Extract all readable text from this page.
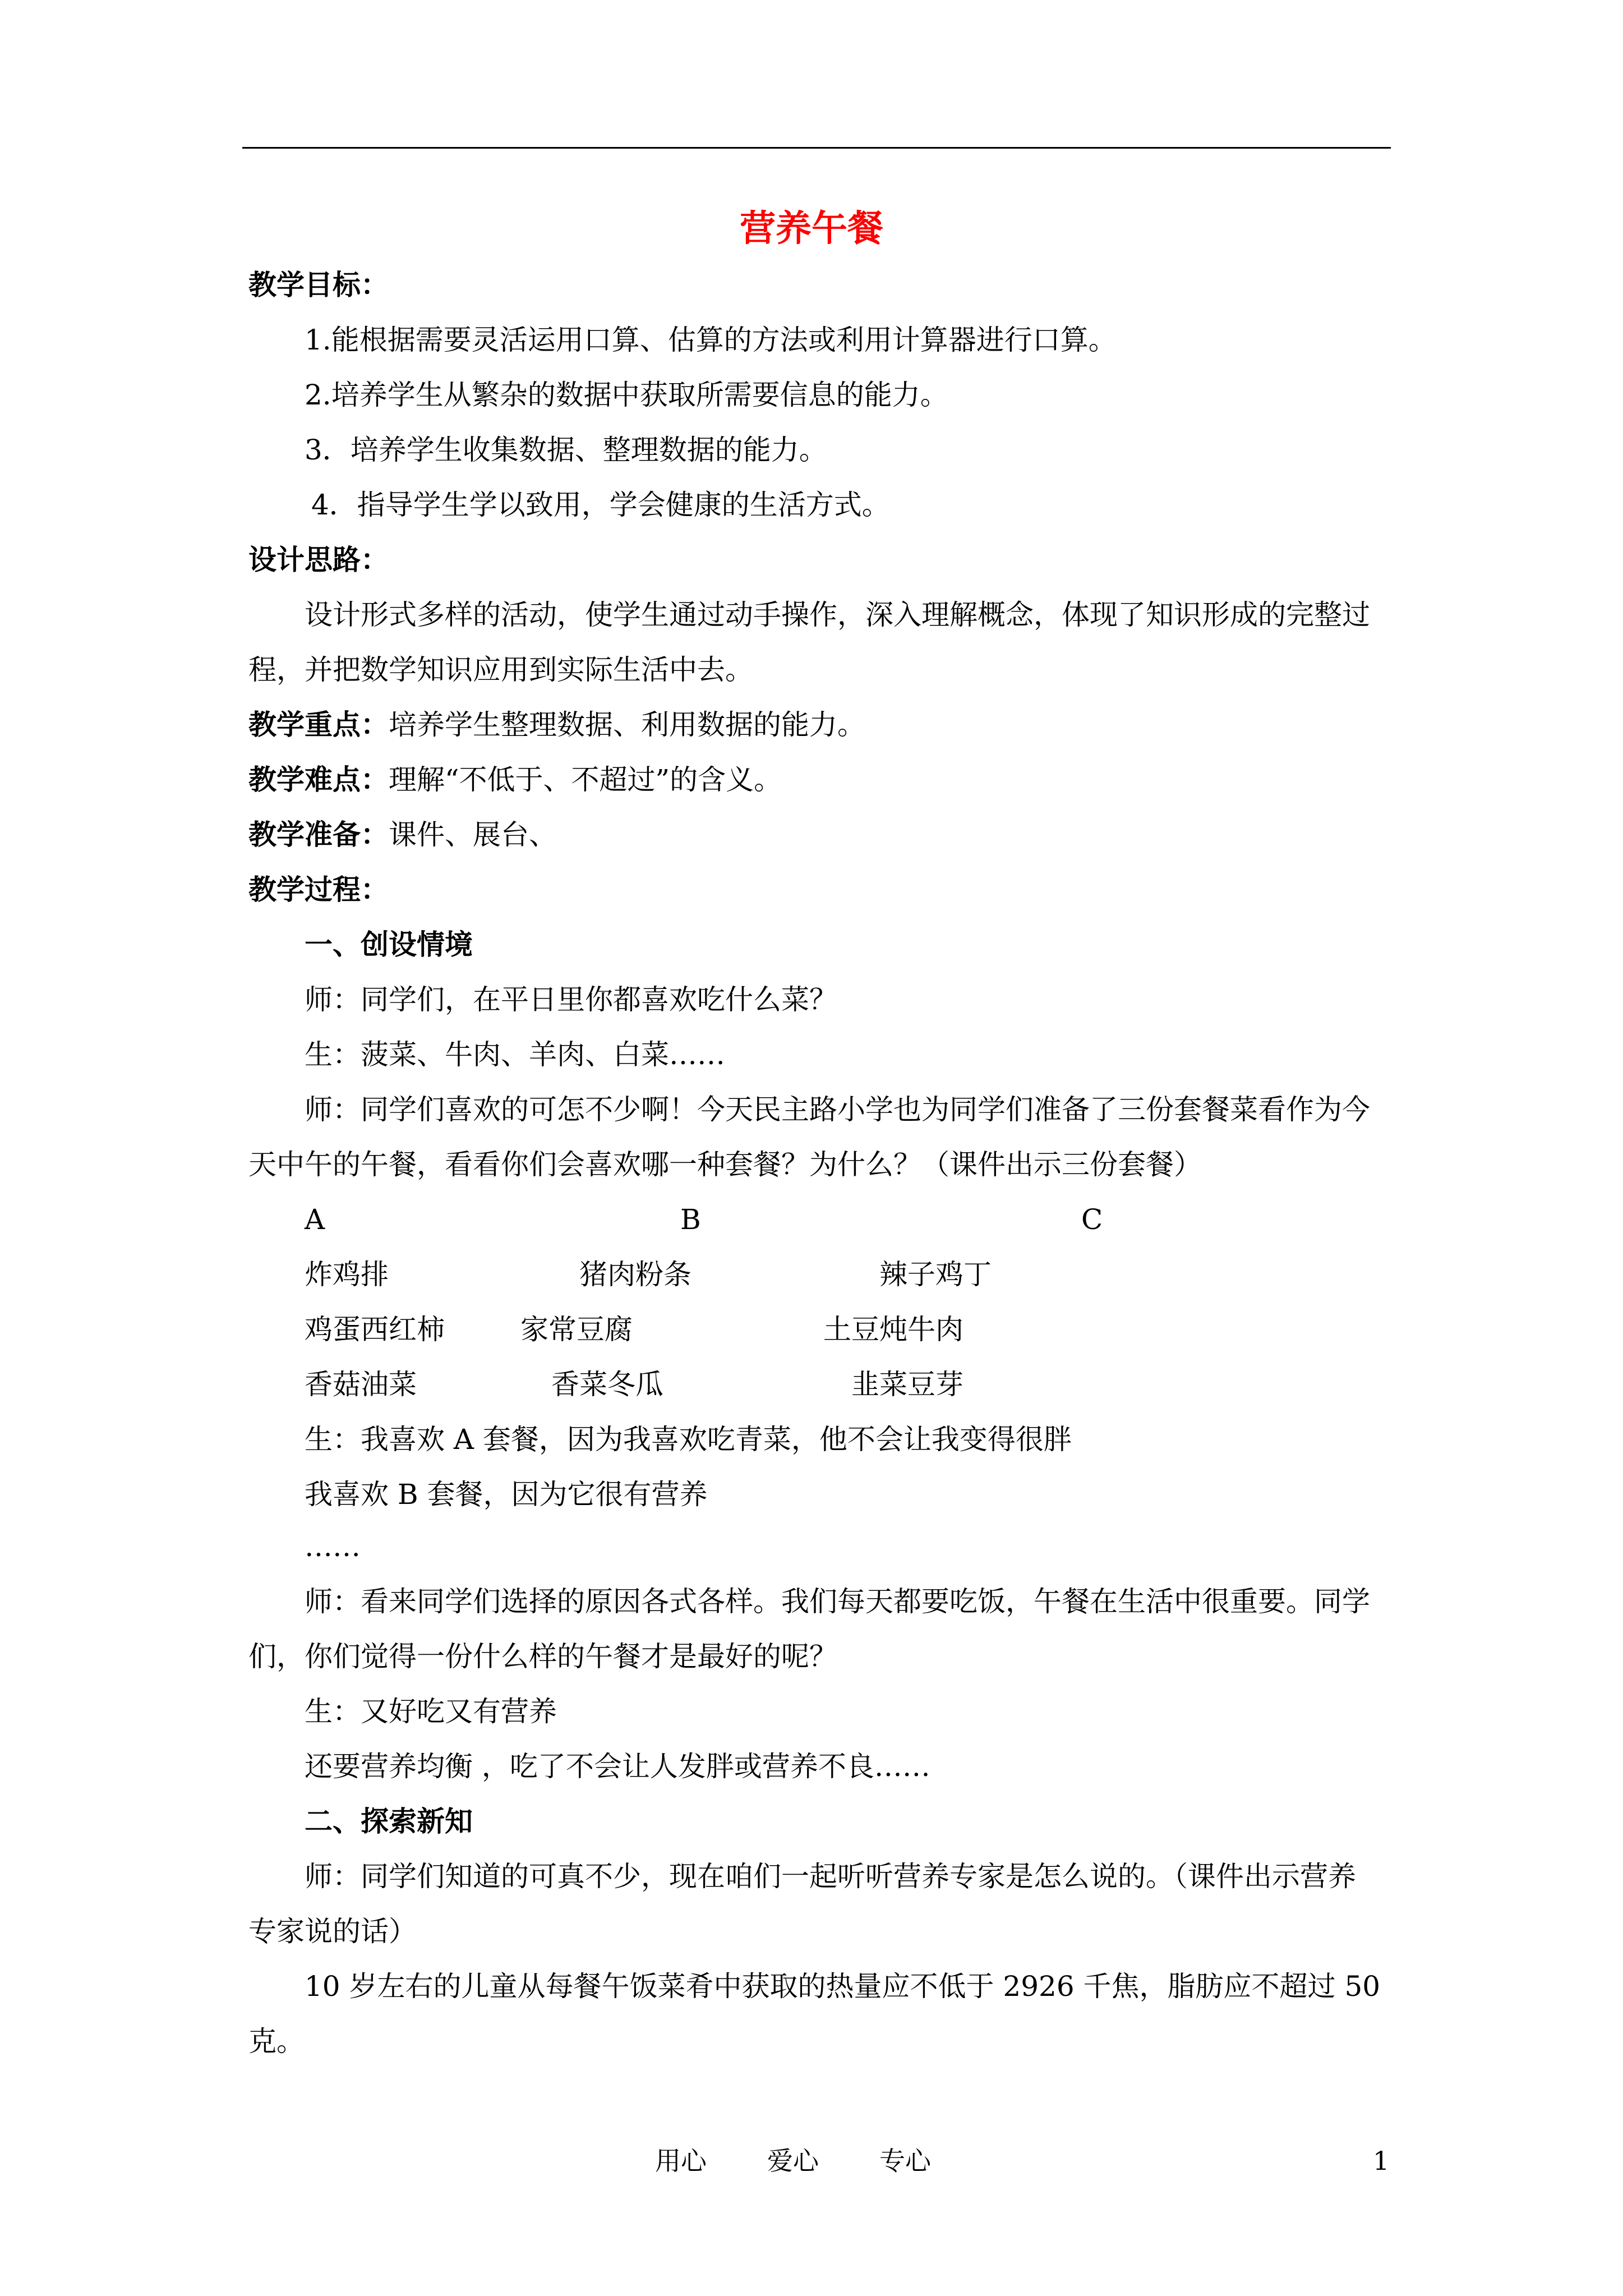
营养午餐
教学目标：
1.能根据需要灵活运用口算、估算的方法或利用计算器进行口算。
2.培养学生从繁杂的数据中获取所需要信息的能力。
3．培养学生收集数据、整理数据的能力。
4．指导学生学以致用，学会健康的生活方式。
设计思路：
设计形式多样的活动，使学生通过动手操作，深入理解概念，体现了知识形成的完整过
程，并把数学知识应用到实际生活中去。
教学重点：培养学生整理数据、利用数据的能力。
教学难点：理解“不低于、不超过”的含义。
教学准备：课件、展台、
教学过程：
一、创设情境
师：同学们，在平日里你都喜欢吃什么菜？
生：菠菜、牛肉、羊肉、白菜……
师：同学们喜欢的可怎不少啊！今天民主路小学也为同学们准备了三份套餐菜看作为今
天中午的午餐，看看你们会喜欢哪一种套餐？为什么？（课件出示三份套餐）
A	B	C
炸鸡排	猪肉粉条	辣子鸡丁
鸡蛋西红柿	家常豆腐	土豆炖牛肉
香菇油菜	香菜冬瓜	韭菜豆芽
生：我喜欢 A 套餐，因为我喜欢吃青菜，他不会让我变得很胖
我喜欢 B 套餐，因为它很有营养
……
师：看来同学们选择的原因各式各样。我们每天都要吃饭，午餐在生活中很重要。同学
们，你们觉得一份什么样的午餐才是最好的呢？
生：又好吃又有营养
还要营养均衡 ，吃了不会让人发胖或营养不良……
二、探索新知
师：同学们知道的可真不少，现在咱们一起听听营养专家是怎么说的。（课件出示营养
专家说的话）
10 岁左右的儿童从每餐午饭菜肴中获取的热量应不低于 2926 千焦，脂肪应不超过 50
克。
用心 爱心 专心	1
